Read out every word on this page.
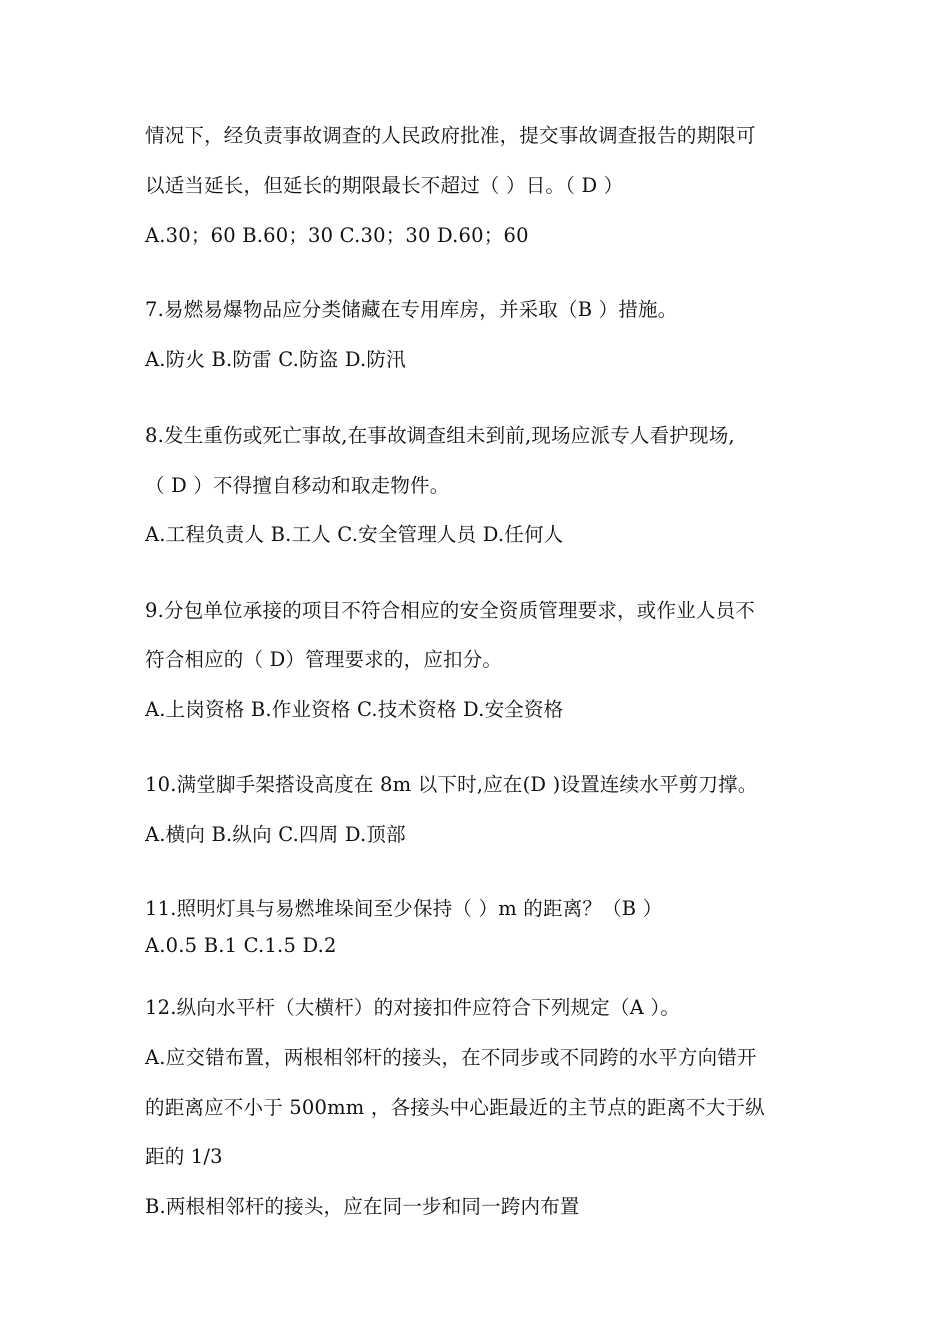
情况下，经负责事故调查的人民政府批准，提交事故调查报告的期限可
以适当延长，但延长的期限最长不超过（ ）日。（ D ）
A.30；60 B.60；30 C.30；30 D.60；60
7.易燃易爆物品应分类储藏在专用库房，并采取（B ）措施。
A.防火 B.防雷 C.防盗 D.防汛
8.发生重伤或死亡事故,在事故调查组未到前,现场应派专人看护现场,
（ D ）不得擅自移动和取走物件。
A.工程负责人 B.工人 C.安全管理人员 D.任何人
9.分包单位承接的项目不符合相应的安全资质管理要求，或作业人员不
符合相应的（ D）管理要求的，应扣分。
A.上岗资格 B.作业资格 C.技术资格 D.安全资格
10.满堂脚手架搭设高度在 8m 以下时,应在(D )设置连续水平剪刀撑。
A.横向 B.纵向 C.四周 D.顶部
11.照明灯具与易燃堆垛间至少保持（ ）m 的距离？（B ）
A.0.5 B.1 C.1.5 D.2
12.纵向水平杆（大横杆）的对接扣件应符合下列规定（A ）。
A.应交错布置，两根相邻杆的接头，在不同步或不同跨的水平方向错开
的距离应不小于 500mm ，各接头中心距最近的主节点的距离不大于纵
距的 1/3
B.两根相邻杆的接头，应在同一步和同一跨内布置
